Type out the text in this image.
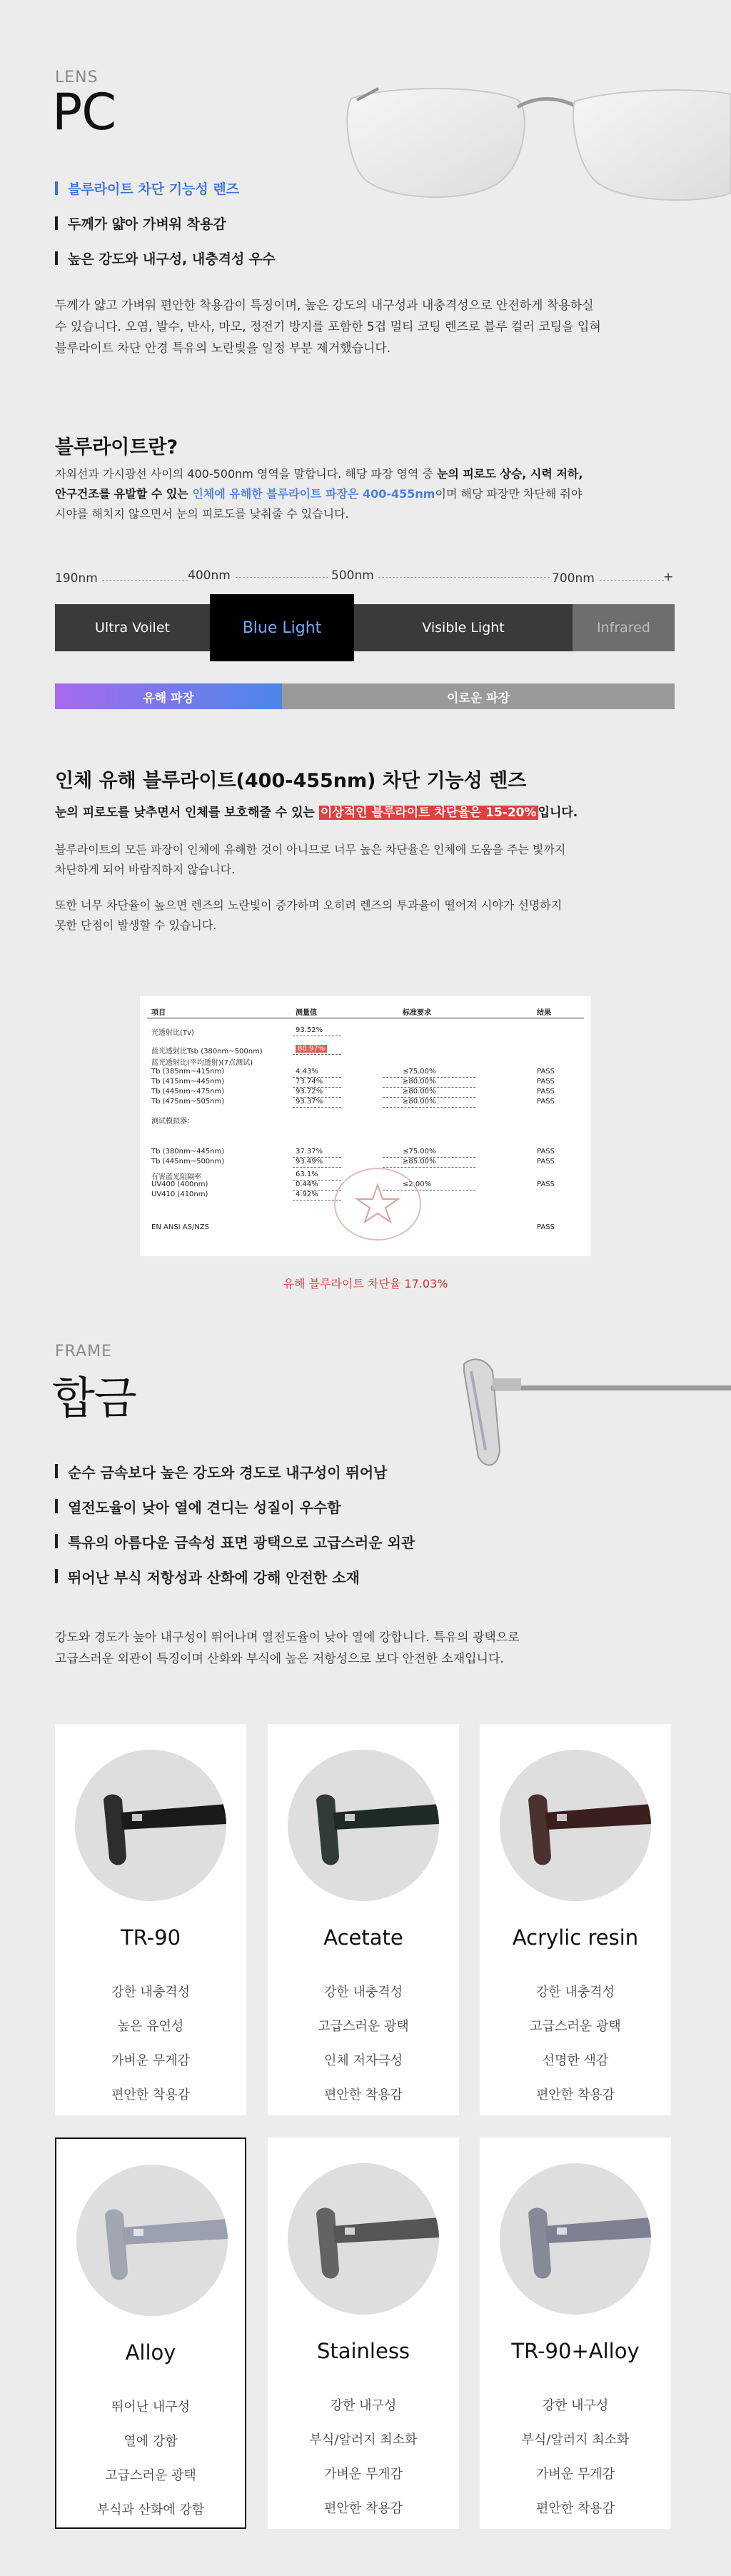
LENS
PC
블루라이트 차단 기능성 렌즈
두께가 얇아 가벼워 착용감
높은 강도와 내구성, 내충격성 우수
두께가 얇고 가벼워 편안한 착용감이 특징이며, 높은 강도의 내구성과 내충격성으로 안전하게 착용하실
수 있습니다. 오염, 발수, 반사, 마모, 정전기 방지를 포함한 5겹 멀티 코팅 렌즈로 블루 컬러 코팅을 입혀
블루라이트 차단 안경 특유의 노란빛을 일정 부분 제거했습니다.
블루라이트란?
자외선과 가시광선 사이의 400-500nm 영역을 말합니다. 해당 파장 영역 중 눈의 피로도 상승, 시력 저하,
안구건조를 유발할 수 있는 인체에 유해한 블루라이트 파장은 400-455nm이며 해당 파장만 차단해 줘야
시야를 해치지 않으면서 눈의 피로도를 낮춰줄 수 있습니다.
190nm	400nm	500nm	700nm	+
Ultra Voilet	Blue Light	Visible Light	Infrared
유해 파장	이로운 파장
인체 유해 블루라이트(400-455nm) 차단 기능성 렌즈
눈의 피로도를 낮추면서 인체를 보호해줄 수 있는 이상적인 블루라이트 차단율은 15-20% 입니다.
블루라이트의 모든 파장이 인체에 유해한 것이 아니므로 너무 높은 차단율은 인체에 도움을 주는 빛까지
차단하게 되어 바람직하지 않습니다.
또한 너무 차단율이 높으면 렌즈의 노란빛이 증가하며 오히려 렌즈의 투과율이 떨어져 시야가 선명하지
못한 단점이 발생할 수 있습니다.
项目	测量值	标准要求	结果
光透射比(Tv)	93.52%
蓝光透射比Tsb (380nm~500nm)	80.97%
蓝光透射比(平均透射)(7点测试)
Tb (385nm~415nm)	4.43%	≤75.00%	PASS
Tb (415nm~445nm)	73.74%	≥80.00%	PASS
Tb (445nm~475nm)	93.72%	≥80.00%	PASS
Tb (475nm~505nm)	93.37%	≥80.00%	PASS
测试模拟器：
Tb (380nm~445nm)	37.37%	≤75.00%	PASS
Tb (445nm~500nm)	93.49%	≥85.00%	PASS
有害蓝光阻隔率	63.1%
UV400 (400nm)	0.44%	≤2.00%	PASS
UV410 (410nm)	4.92%
EN ANSI AS/NZS	PASS
유해 블루라이트 차단율 17.03%
FRAME
합금
순수 금속보다 높은 강도와 경도로 내구성이 뛰어남
열전도율이 낮아 열에 견디는 성질이 우수함
특유의 아름다운 금속성 표면 광택으로 고급스러운 외관
뛰어난 부식 저항성과 산화에 강해 안전한 소재
강도와 경도가 높아 내구성이 뛰어나며 열전도율이 낮아 열에 강합니다. 특유의 광택으로
고급스러운 외관이 특징이며 산화와 부식에 높은 저항성으로 보다 안전한 소재입니다.
TR-90
강한 내충격성
높은 유연성
가벼운 무게감
편안한 착용감
Acetate
강한 내충격성
고급스러운 광택
인체 저자극성
편안한 착용감
Acrylic resin
강한 내충격성
고급스러운 광택
선명한 색감
편안한 착용감
Alloy
뛰어난 내구성
열에 강함
고급스러운 광택
부식과 산화에 강함
Stainless
강한 내구성
부식/알러지 최소화
가벼운 무게감
편안한 착용감
TR-90+Alloy
강한 내구성
부식/알러지 최소화
가벼운 무게감
편안한 착용감
